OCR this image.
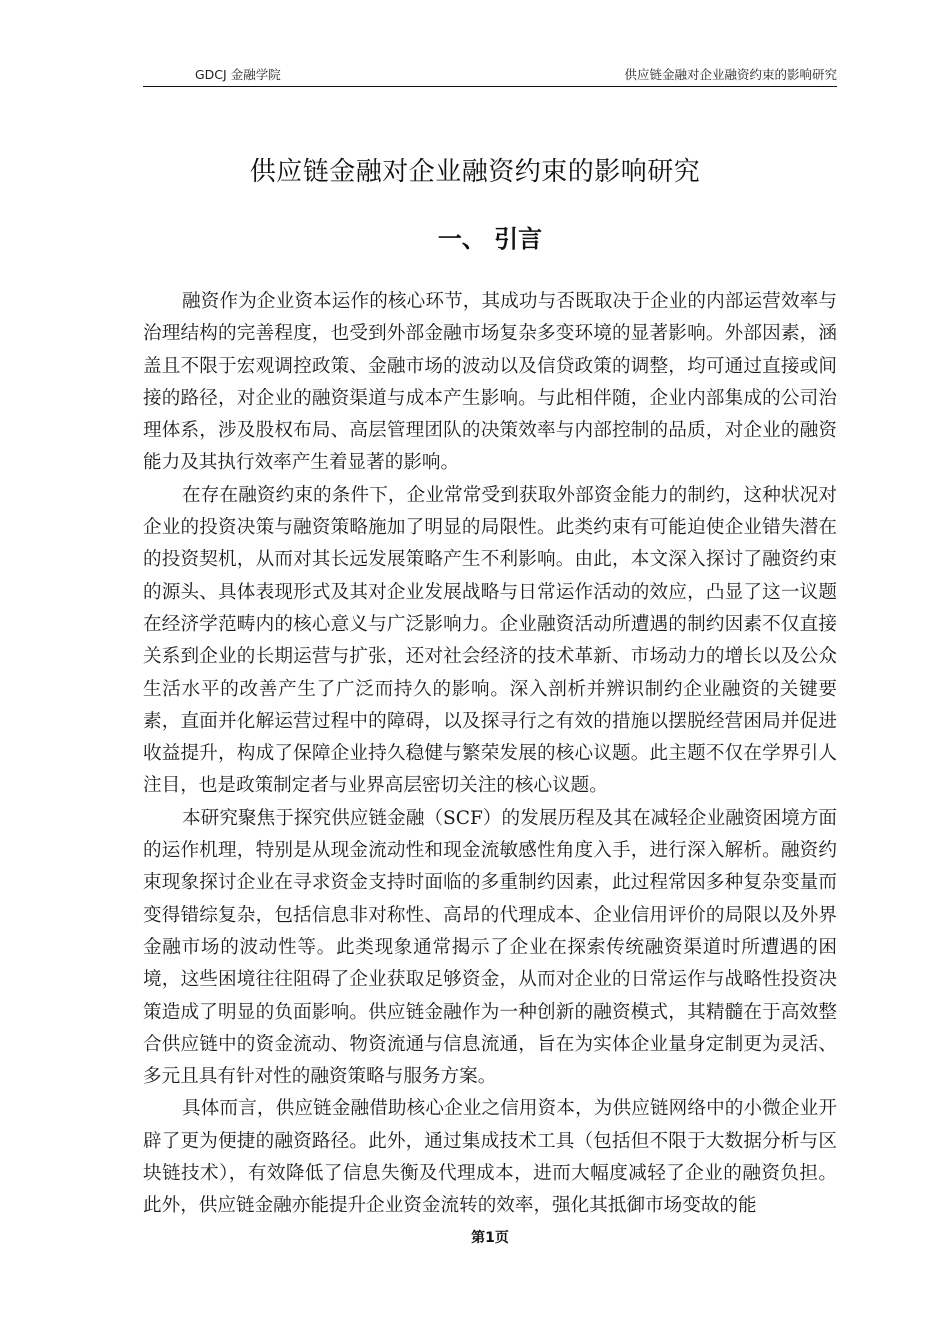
GDCJ 金融学院	供应链金融对企业融资约束的影响研究
供应链金融对企业融资约束的影响研究
一、 引言

融资作为企业资本运作的核心环节，其成功与否既取决于企业的内部运营效率与治理结构的完善程度，也受到外部金融市场复杂多变环境的显著影响。外部因素，涵盖且不限于宏观调控政策、金融市场的波动以及信贷政策的调整，均可通过直接或间接的路径，对企业的融资渠道与成本产生影响。与此相伴随，企业内部集成的公司治理体系，涉及股权布局、高层管理团队的决策效率与内部控制的品质，对企业的融资能力及其执行效率产生着显著的影响。

在存在融资约束的条件下，企业常常受到获取外部资金能力的制约，这种状况对企业的投资决策与融资策略施加了明显的局限性。此类约束有可能迫使企业错失潜在的投资契机，从而对其长远发展策略产生不利影响。由此，本文深入探讨了融资约束的源头、具体表现形式及其对企业发展战略与日常运作活动的效应，凸显了这一议题在经济学范畴内的核心意义与广泛影响力。企业融资活动所遭遇的制约因素不仅直接关系到企业的长期运营与扩张，还对社会经济的技术革新、市场动力的增长以及公众生活水平的改善产生了广泛而持久的影响。深入剖析并辨识制约企业融资的关键要素，直面并化解运营过程中的障碍，以及探寻行之有效的措施以摆脱经营困局并促进收益提升，构成了保障企业持久稳健与繁荣发展的核心议题。此主题不仅在学界引人注目，也是政策制定者与业界高层密切关注的核心议题。

本研究聚焦于探究供应链金融（SCF）的发展历程及其在减轻企业融资困境方面的运作机理，特别是从现金流动性和现金流敏感性角度入手，进行深入解析。融资约束现象探讨企业在寻求资金支持时面临的多重制约因素，此过程常因多种复杂变量而变得错综复杂，包括信息非对称性、高昂的代理成本、企业信用评价的局限以及外界金融市场的波动性等。此类现象通常揭示了企业在探索传统融资渠道时所遭遇的困境，这些困境往往阻碍了企业获取足够资金，从而对企业的日常运作与战略性投资决策造成了明显的负面影响。供应链金融作为一种创新的融资模式，其精髓在于高效整合供应链中的资金流动、物资流通与信息流通，旨在为实体企业量身定制更为灵活、多元且具有针对性的融资策略与服务方案。

具体而言，供应链金融借助核心企业之信用资本，为供应链网络中的小微企业开辟了更为便捷的融资路径。此外，通过集成技术工具（包括但不限于大数据分析与区块链技术），有效降低了信息失衡及代理成本，进而大幅度减轻了企业的融资负担。此外，供应链金融亦能提升企业资金流转的效率，强化其抵御市场变故的能

第1页
